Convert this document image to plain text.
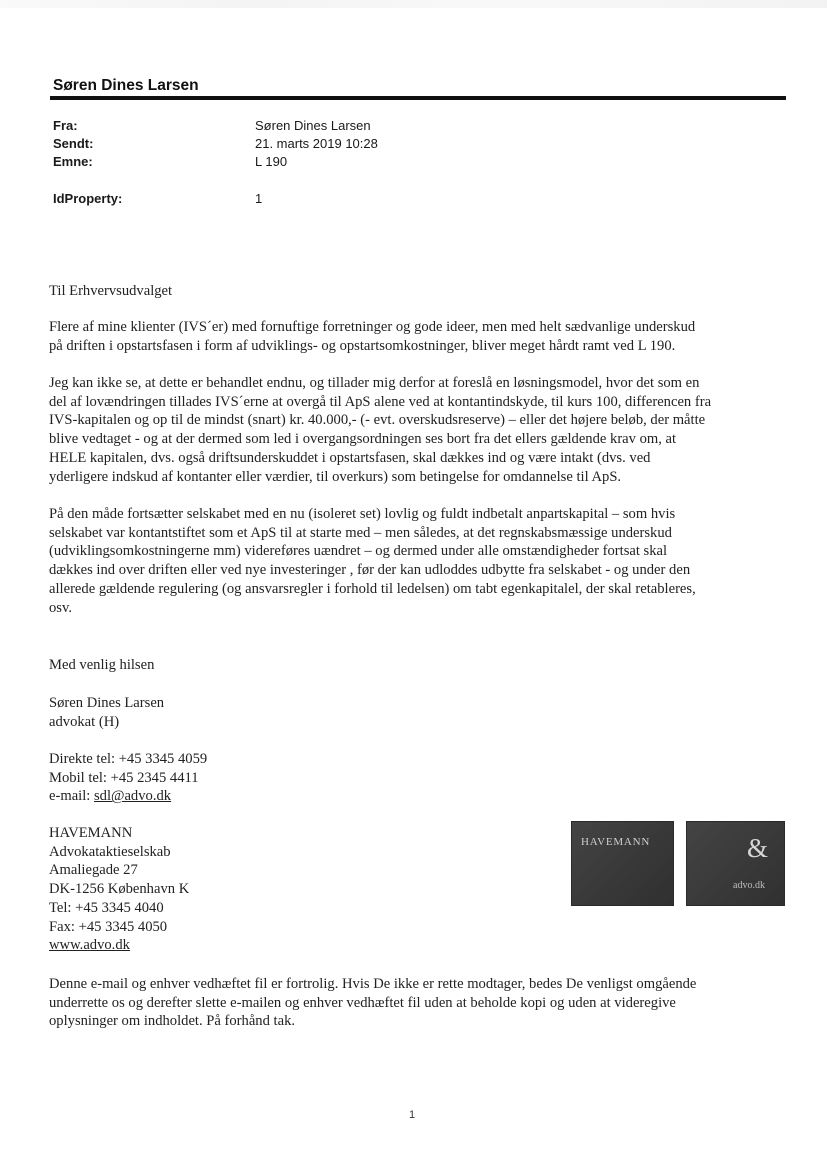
Søren Dines Larsen
Fra:	Søren Dines Larsen
Sendt:	21. marts 2019 10:28
Emne:	L 190
IdProperty:	1
Til Erhvervsudvalget
Flere af mine klienter (IVS´er) med fornuftige forretninger og gode ideer, men med helt sædvanlige underskud
på driften i opstartsfasen i form af udviklings- og opstartsomkostninger, bliver meget hårdt ramt ved L 190.
Jeg kan ikke se, at dette er behandlet endnu, og tillader mig derfor at foreslå en løsningsmodel, hvor det som en
del af lovændringen tillades IVS´erne at overgå til ApS alene ved at kontantindskyde, til kurs 100, differencen fra
IVS-kapitalen og op til de mindst (snart) kr. 40.000,- (- evt. overskudsreserve) – eller det højere beløb, der måtte
blive vedtaget - og at der dermed som led i overgangsordningen ses bort fra det ellers gældende krav om, at
HELE kapitalen, dvs. også driftsunderskuddet i opstartsfasen, skal dækkes ind og være intakt (dvs. ved
yderligere indskud af kontanter eller værdier, til overkurs) som betingelse for omdannelse til ApS.
På den måde fortsætter selskabet med en nu (isoleret set) lovlig og fuldt indbetalt anpartskapital – som hvis
selskabet var kontantstiftet som et ApS til at starte med – men således, at det regnskabsmæssige underskud
(udviklingsomkostningerne mm) videreføres uændret – og dermed under alle omstændigheder fortsat skal
dækkes ind over driften eller ved nye investeringer , før der kan udloddes udbytte fra selskabet - og under den
allerede gældende regulering (og ansvarsregler i forhold til ledelsen) om tabt egenkapitalel, der skal retableres,
osv.
Med venlig hilsen
Søren Dines Larsen
advokat (H)
Direkte tel: +45 3345 4059
Mobil tel: +45 2345 4411
e-mail: sdl@advo.dk
HAVEMANN
Advokataktieselskab
Amaliegade 27
DK-1256 København K
Tel: +45 3345 4040
Fax: +45 3345 4050
www.advo.dk
HAVEMANN	&
advo.dk
Denne e-mail og enhver vedhæftet fil er fortrolig. Hvis De ikke er rette modtager, bedes De venligst omgående
underrette os og derefter slette e-mailen og enhver vedhæftet fil uden at beholde kopi og uden at videregive
oplysninger om indholdet. På forhånd tak.
1
